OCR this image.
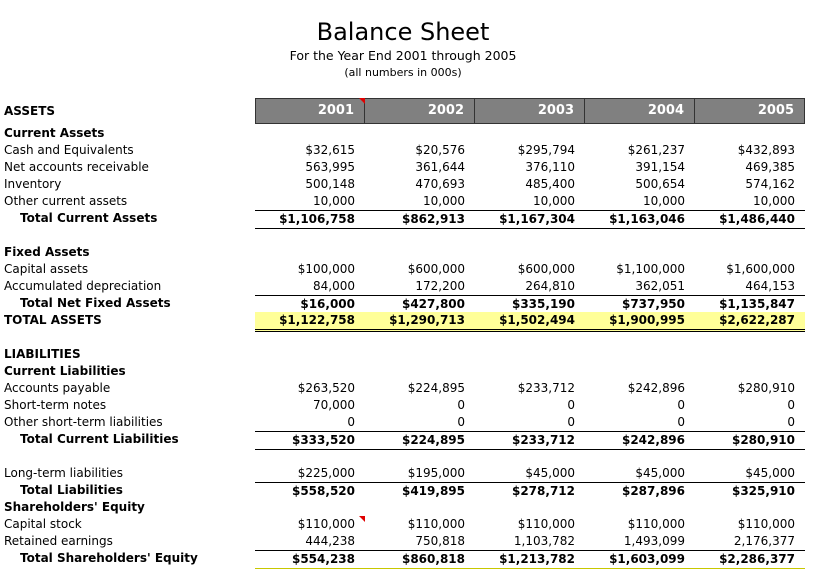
Balance Sheet
For the Year End 2001 through 2005
(all numbers in 000s)
ASSETS	2001	2002	2003	2004	2005
Current Assets
Cash and Equivalents	$32,615	$20,576	$295,794	$261,237	$432,893
Net accounts receivable	563,995	361,644	376,110	391,154	469,385
Inventory	500,148	470,693	485,400	500,654	574,162
Other current assets	10,000	10,000	10,000	10,000	10,000
Total Current Assets	$1,106,758	$862,913	$1,167,304	$1,163,046	$1,486,440
Fixed Assets
Capital assets	$100,000	$600,000	$600,000	$1,100,000	$1,600,000
Accumulated depreciation	84,000	172,200	264,810	362,051	464,153
Total Net Fixed Assets	$16,000	$427,800	$335,190	$737,950	$1,135,847
TOTAL ASSETS	$1,122,758	$1,290,713	$1,502,494	$1,900,995	$2,622,287
LIABILITIES
Current Liabilities
Accounts payable	$263,520	$224,895	$233,712	$242,896	$280,910
Short-term notes	70,000	0	0	0	0
Other short-term liabilities	0	0	0	0	0
Total Current Liabilities	$333,520	$224,895	$233,712	$242,896	$280,910
Long-term liabilities	$225,000	$195,000	$45,000	$45,000	$45,000
Total Liabilities	$558,520	$419,895	$278,712	$287,896	$325,910
Shareholders' Equity
Capital stock	$110,000	$110,000	$110,000	$110,000	$110,000
Retained earnings	444,238	750,818	1,103,782	1,493,099	2,176,377
Total Shareholders' Equity	$554,238	$860,818	$1,213,782	$1,603,099	$2,286,377
